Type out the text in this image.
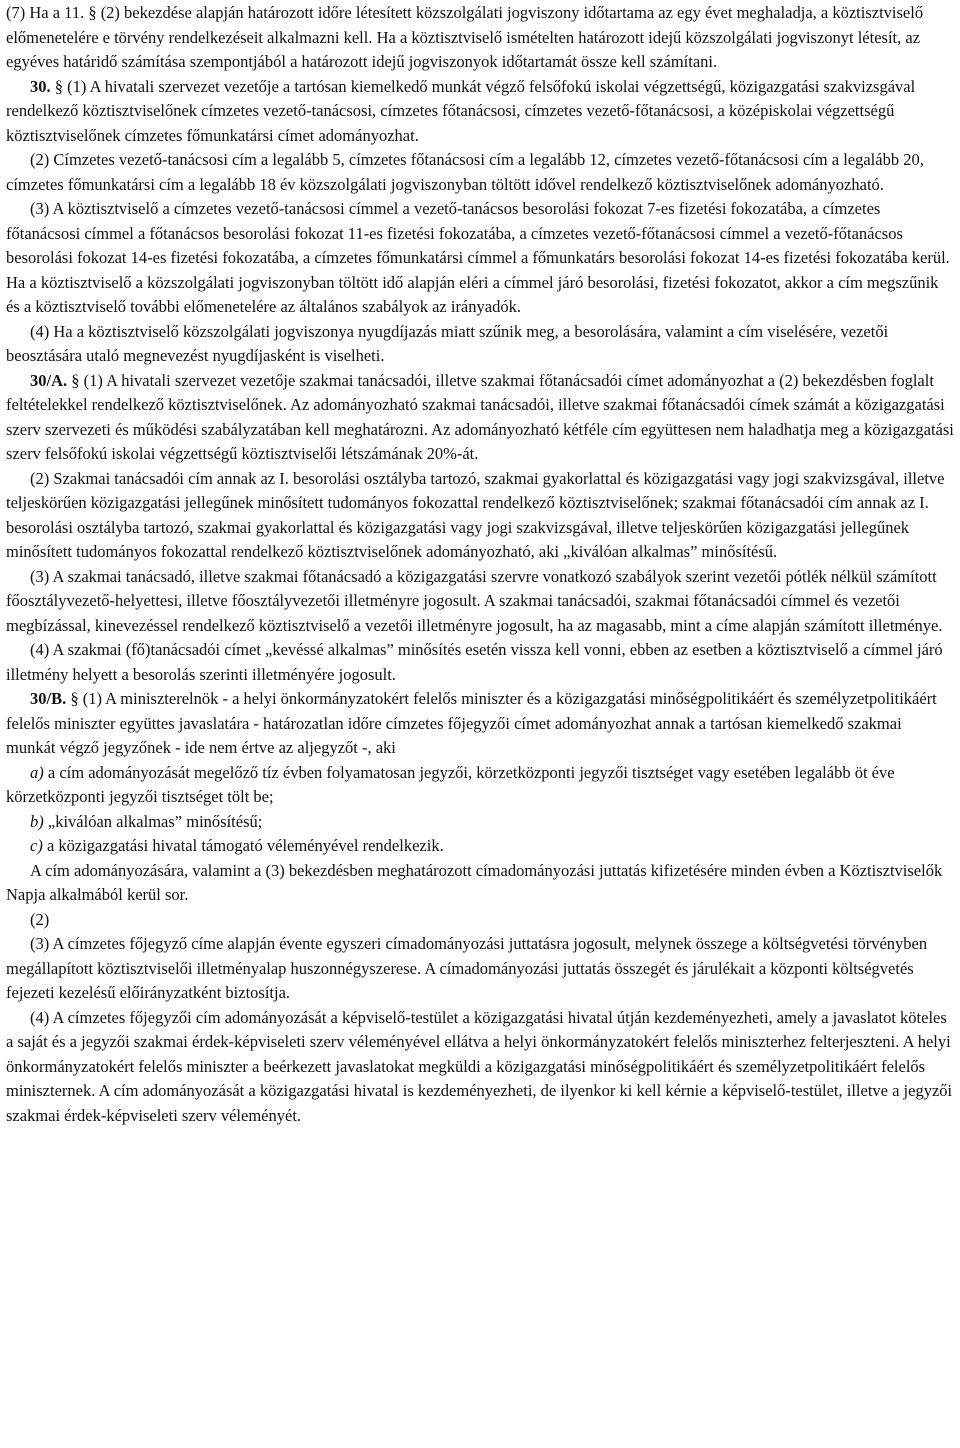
(7) Ha a 11. § (2) bekezdése alapján határozott időre létesített közszolgálati jogviszony időtartama az egy évet meghaladja, a köztisztviselő előmenetelére e törvény rendelkezéseit alkalmazni kell. Ha a köztisztviselő ismételten határozott idejű közszolgálati jogviszonyt létesít, az egyéves határidő számítása szempontjából a határozott idejű jogviszonyok időtartamát össze kell számítani.

30. § (1) A hivatali szervezet vezetője a tartósan kiemelkedő munkát végző felsőfokú iskolai végzettségű, közigazgatási szakvizsgával rendelkező köztisztviselőnek címzetes vezető-tanácsosi, címzetes főtanácsosi, címzetes vezető-főtanácsosi, a középiskolai végzettségű köztisztviselőnek címzetes főmunkatársi címet adományozhat.

(2) Címzetes vezető-tanácsosi cím a legalább 5, címzetes főtanácsosi cím a legalább 12, címzetes vezető-főtanácsosi cím a legalább 20, címzetes főmunkatársi cím a legalább 18 év közszolgálati jogviszonyban töltött idővel rendelkező köztisztviselőnek adományozható.

(3) A köztisztviselő a címzetes vezető-tanácsosi címmel a vezető-tanácsos besorolási fokozat 7-es fizetési fokozatába, a címzetes főtanácsosi címmel a főtanácsos besorolási fokozat 11-es fizetési fokozatába, a címzetes vezető-főtanácsosi címmel a vezető-főtanácsos besorolási fokozat 14-es fizetési fokozatába, a címzetes főmunkatársi címmel a főmunkatárs besorolási fokozat 14-es fizetési fokozatába kerül. Ha a köztisztviselő a közszolgálati jogviszonyban töltött idő alapján eléri a címmel járó besorolási, fizetési fokozatot, akkor a cím megszűnik és a köztisztviselő további előmenetelére az általános szabályok az irányadók.

(4) Ha a köztisztviselő közszolgálati jogviszonya nyugdíjazás miatt szűnik meg, a besorolására, valamint a cím viselésére, vezetői beosztására utaló megnevezést nyugdíjasként is viselheti.

30/A. § (1) A hivatali szervezet vezetője szakmai tanácsadói, illetve szakmai főtanácsadói címet adományozhat a (2) bekezdésben foglalt feltételekkel rendelkező köztisztviselőnek. Az adományozható szakmai tanácsadói, illetve szakmai főtanácsadói címek számát a közigazgatási szerv szervezeti és működési szabályzatában kell meghatározni. Az adományozható kétféle cím együttesen nem haladhatja meg a közigazgatási szerv felsőfokú iskolai végzettségű köztisztviselői létszámának 20%-át.

(2) Szakmai tanácsadói cím annak az I. besorolási osztályba tartozó, szakmai gyakorlattal és közigazgatási vagy jogi szakvizsgával, illetve teljeskörűen közigazgatási jellegűnek minősített tudományos fokozattal rendelkező köztisztviselőnek; szakmai főtanácsadói cím annak az I. besorolási osztályba tartozó, szakmai gyakorlattal és közigazgatási vagy jogi szakvizsgával, illetve teljeskörűen közigazgatási jellegűnek minősített tudományos fokozattal rendelkező köztisztviselőnek adományozható, aki „kiválóan alkalmas” minősítésű.

(3) A szakmai tanácsadó, illetve szakmai főtanácsadó a közigazgatási szervre vonatkozó szabályok szerint vezetői pótlék nélkül számított főosztályvezető-helyettesi, illetve főosztályvezetői illetményre jogosult. A szakmai tanácsadói, szakmai főtanácsadói címmel és vezetői megbízással, kinevezéssel rendelkező köztisztviselő a vezetői illetményre jogosult, ha az magasabb, mint a címe alapján számított illetménye.

(4) A szakmai (fő)tanácsadói címet „kevéssé alkalmas” minősítés esetén vissza kell vonni, ebben az esetben a köztisztviselő a címmel járó illetmény helyett a besorolás szerinti illetményére jogosult.

30/B. § (1) A miniszterelnök - a helyi önkormányzatokért felelős miniszter és a közigazgatási minőségpolitikáért és személyzetpolitikáért felelős miniszter együttes javaslatára - határozatlan időre címzetes főjegyzői címet adományozhat annak a tartósan kiemelkedő szakmai munkát végző jegyzőnek - ide nem értve az aljegyzőt -, aki

a) a cím adományozását megelőző tíz évben folyamatosan jegyzői, körzetközponti jegyzői tisztséget vagy esetében legalább öt éve körzetközponti jegyzői tisztséget tölt be;

b) „kiválóan alkalmas” minősítésű;

c) a közigazgatási hivatal támogató véleményével rendelkezik.

A cím adományozására, valamint a (3) bekezdésben meghatározott címadományozási juttatás kifizetésére minden évben a Köztisztviselők Napja alkalmából kerül sor.

(2)

(3) A címzetes főjegyző címe alapján évente egyszeri címadományozási juttatásra jogosult, melynek összege a költségvetési törvényben megállapított köztisztviselői illetményalap huszonnégyszerese. A címadományozási juttatás összegét és járulékait a központi költségvetés fejezeti kezelésű előirányzatként biztosítja.

(4) A címzetes főjegyzői cím adományozását a képviselő-testület a közigazgatási hivatal útján kezdeményezheti, amely a javaslatot köteles a saját és a jegyzői szakmai érdek-képviseleti szerv véleményével ellátva a helyi önkormányzatokért felelős miniszterhez felterjeszteni. A helyi önkormányzatokért felelős miniszter a beérkezett javaslatokat megküldi a közigazgatási minőségpolitikáért és személyzetpolitikáért felelős miniszternek. A cím adományozását a közigazgatási hivatal is kezdeményezheti, de ilyenkor ki kell kérnie a képviselő-testület, illetve a jegyzői szakmai érdek-képviseleti szerv véleményét.
